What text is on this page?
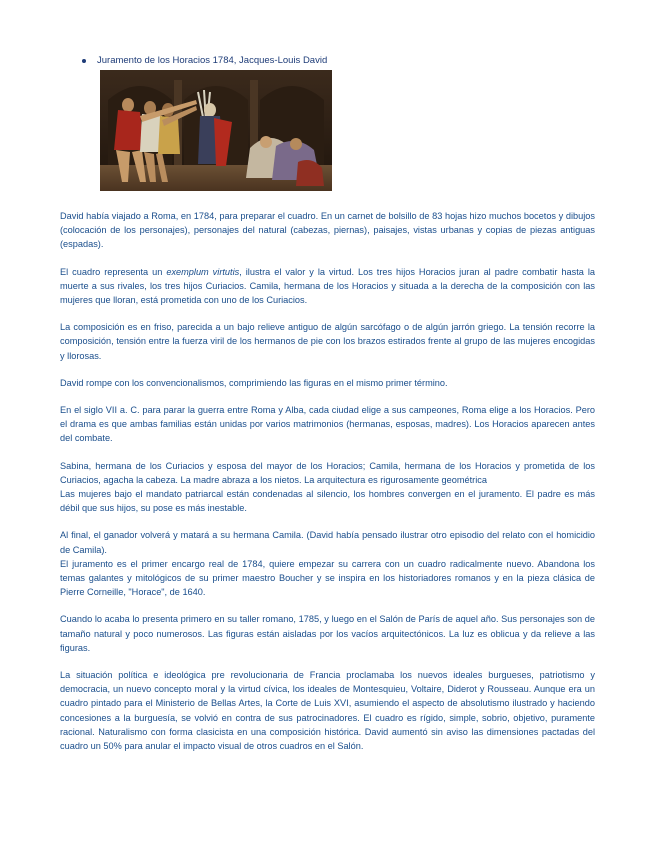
Juramento de los Horacios 1784, Jacques-Louis David

David había viajado a Roma, en 1784, para preparar el cuadro. En un carnet de bolsillo de 83 hojas hizo muchos bocetos y dibujos (colocación de los personajes), personajes del natural (cabezas, piernas), paisajes, vistas urbanas y copias de piezas antiguas (espadas).

El cuadro representa un exemplum virtutis, ilustra el valor y la virtud. Los tres hijos Horacios juran al padre combatir hasta la muerte a sus rivales, los tres hijos Curiacios. Camila, hermana de los Horacios y situada a la derecha de la composición con las mujeres que lloran, está prometida con uno de los Curiacios.

La composición es en friso, parecida a un bajo relieve antiguo de algún sarcófago o de algún jarrón griego. La tensión recorre la composición, tensión entre la fuerza viril de los hermanos de pie con los brazos estirados frente al grupo de las mujeres encogidas y llorosas.

David rompe con los convencionalismos, comprimiendo las figuras en el mismo primer término.

En el siglo VII a. C. para parar la guerra entre Roma y Alba, cada ciudad elige a sus campeones, Roma elige a los Horacios. Pero el drama es que ambas familias están unidas por varios matrimonios (hermanas, esposas, madres). Los Horacios aparecen antes del combate.

Sabina, hermana de los Curiacios y esposa del mayor de los Horacios; Camila, hermana de los Horacios y prometida de los Curiacios, agacha la cabeza. La madre abraza a los nietos. La arquitectura es rigurosamente geométrica
Las mujeres bajo el mandato patriarcal están condenadas al silencio, los hombres convergen en el juramento. El padre es más débil que sus hijos, su pose es más inestable.

Al final, el ganador volverá y matará a su hermana Camila. (David había pensado ilustrar otro episodio del relato con el homicidio de Camila).
El juramento es el primer encargo real de 1784, quiere empezar su carrera con un cuadro radicalmente nuevo. Abandona los temas galantes y mitológicos de su primer maestro Boucher y se inspira en los historiadores romanos y en la pieza clásica de Pierre Corneille, "Horace", de 1640.

Cuando lo acaba lo presenta primero en su taller romano, 1785, y luego en el Salón de París de aquel año. Sus personajes son de tamaño natural y poco numerosos. Las figuras están aisladas por los vacíos arquitectónicos. La luz es oblicua y da relieve a las figuras.

La situación política e ideológica pre revolucionaria de Francia proclamaba los nuevos ideales burgueses, patriotismo y democracia, un nuevo concepto moral y la virtud cívica, los ideales de Montesquieu, Voltaire, Diderot y Rousseau. Aunque era un cuadro pintado para el Ministerio de Bellas Artes, la Corte de Luis XVI, asumiendo el aspecto de absolutismo ilustrado y haciendo concesiones a la burguesía, se volvió en contra de sus patrocinadores. El cuadro es rígido, simple, sobrio, objetivo, puramente racional. Naturalismo con forma clasicista en una composición histórica. David aumentó sin aviso las dimensiones pactadas del cuadro un 50% para anular el impacto visual de otros cuadros en el Salón.
